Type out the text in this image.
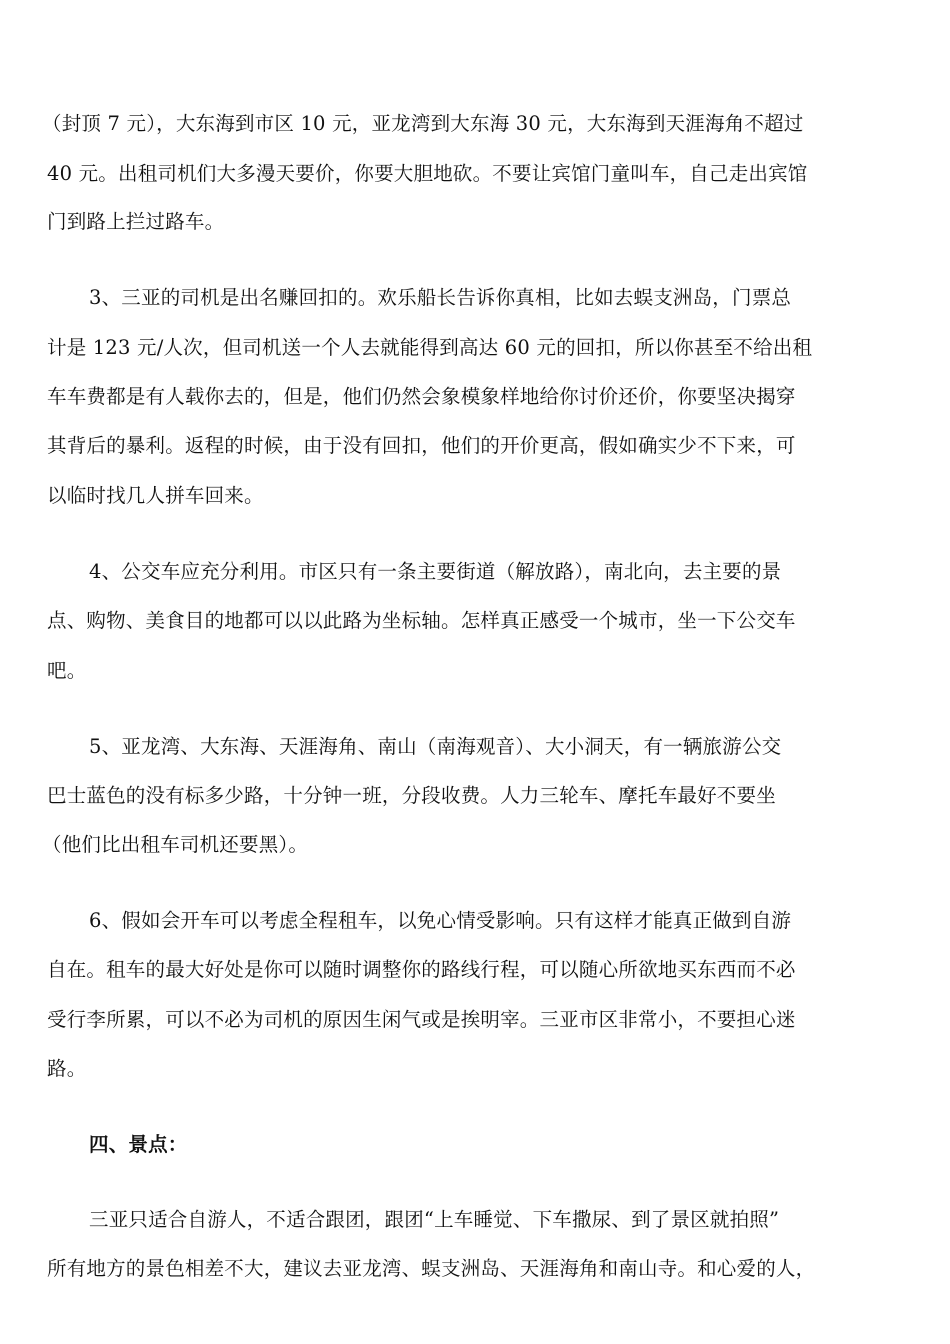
（封顶 7 元），大东海到市区 10 元，亚龙湾到大东海 30 元，大东海到天涯海角不超过
40 元。出租司机们大多漫天要价，你要大胆地砍。不要让宾馆门童叫车，自己走出宾馆
门到路上拦过路车。
3、三亚的司机是出名赚回扣的。欢乐船长告诉你真相，比如去蜈支洲岛，门票总
计是 123 元/人次，但司机送一个人去就能得到高达 60 元的回扣，所以你甚至不给出租
车车费都是有人载你去的，但是，他们仍然会象模象样地给你讨价还价，你要坚决揭穿
其背后的暴利。返程的时候，由于没有回扣，他们的开价更高，假如确实少不下来，可
以临时找几人拼车回来。
4、公交车应充分利用。市区只有一条主要街道（解放路），南北向，去主要的景
点、购物、美食目的地都可以以此路为坐标轴。怎样真正感受一个城市，坐一下公交车
吧。
5、亚龙湾、大东海、天涯海角、南山（南海观音）、大小洞天，有一辆旅游公交
巴士蓝色的没有标多少路，十分钟一班，分段收费。人力三轮车、摩托车最好不要坐
（他们比出租车司机还要黑）。
6、假如会开车可以考虑全程租车，以免心情受影响。只有这样才能真正做到自游
自在。租车的最大好处是你可以随时调整你的路线行程，可以随心所欲地买东西而不必
受行李所累，可以不必为司机的原因生闲气或是挨明宰。三亚市区非常小，不要担心迷
路。
四、景点：
三亚只适合自游人，不适合跟团，跟团“上车睡觉、下车撒尿、到了景区就拍照”
所有地方的景色相差不大，建议去亚龙湾、蜈支洲岛、天涯海角和南山寺。和心爱的人，
